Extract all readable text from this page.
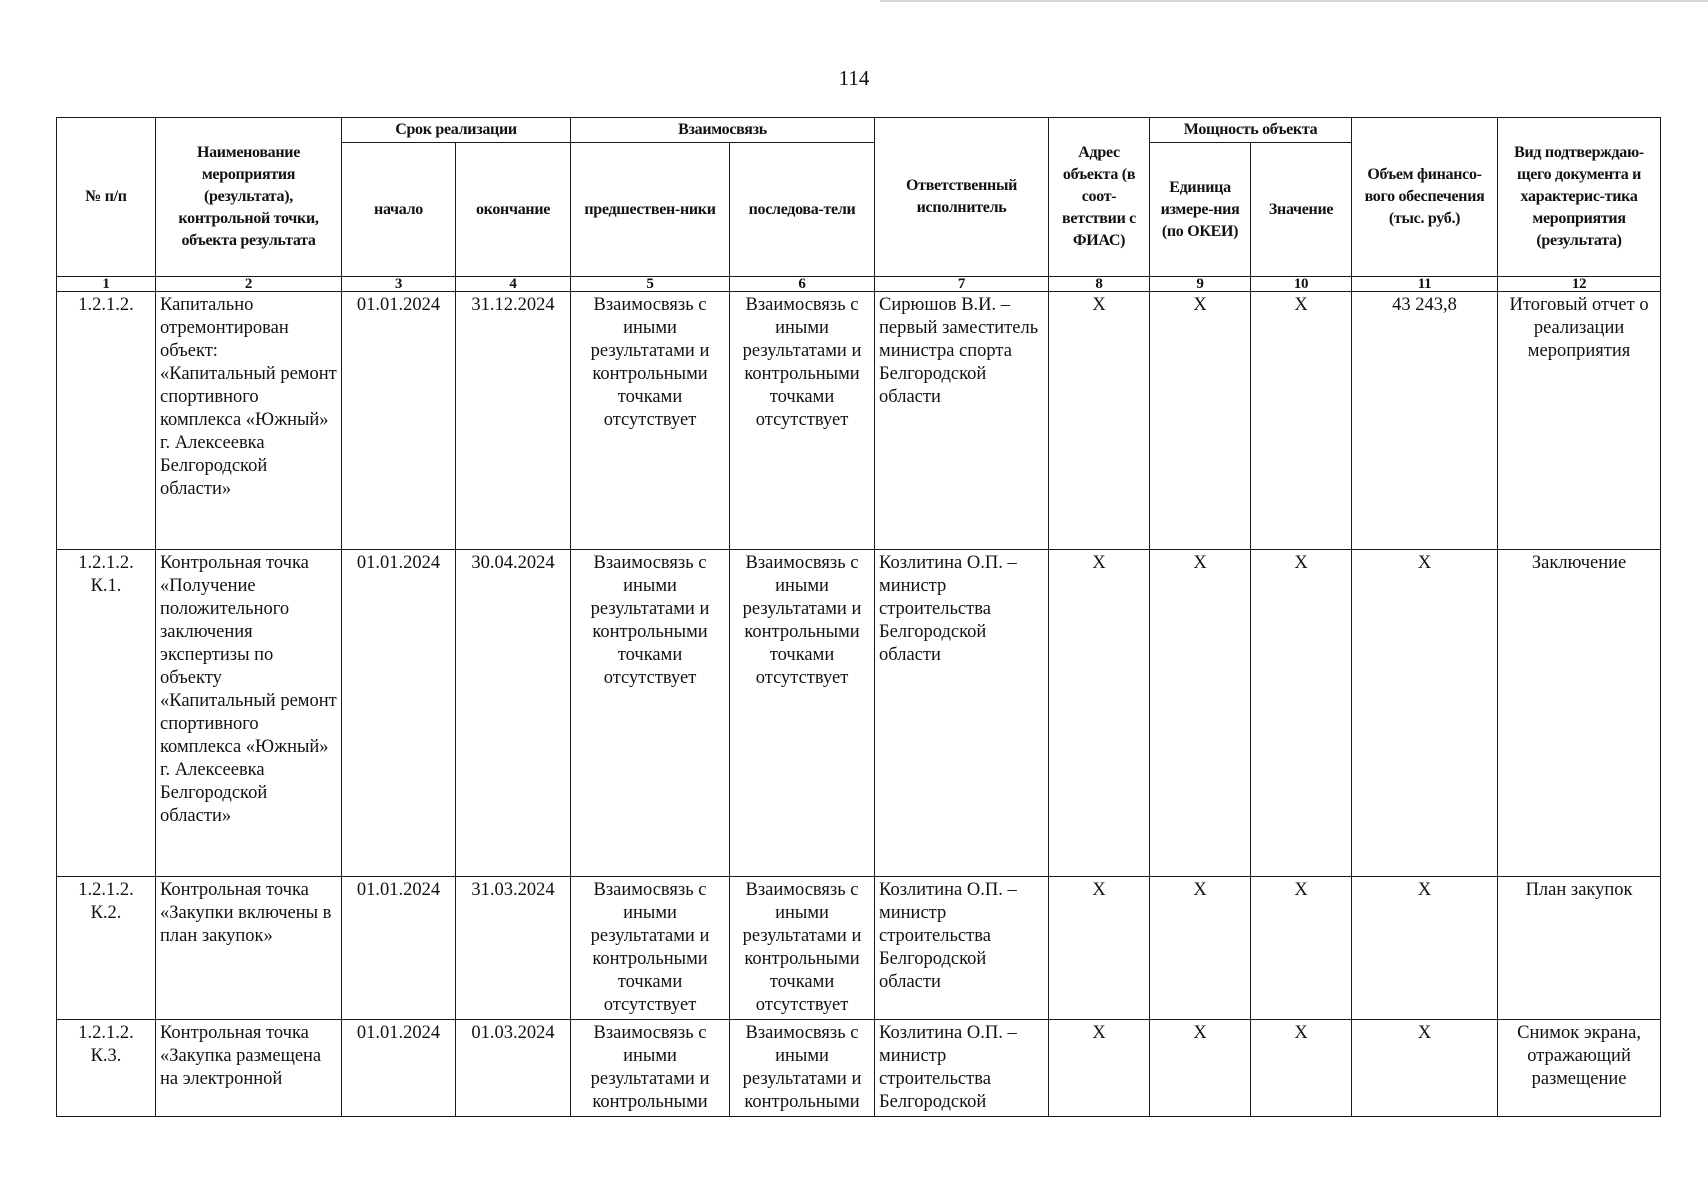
114
№ п/п	Наименование мероприятия (результата), контрольной точки, объекта результата	Срок реализации		Взаимосвязь		Ответственный исполнитель	Адрес объекта (в соот-ветствии с ФИАС)	Мощность объекта		Объем финансо-вого обеспечения (тыс. руб.)	Вид подтверждаю-щего документа и характерис-тика мероприятия (результата)
		начало	окончание	предшествен-ники	последова-тели			Единица измере-ния (по ОКЕИ)	Значение		
1	2	3	4	5	6	7	8	9	10	11	12
1.2.1.2.	Капитально отремонтирован объект: «Капитальный ремонт спортивного комплекса «Южный» г. Алексеевка Белгородской области»	01.01.2024	31.12.2024	Взаимосвязь с иными результатами и контрольными точками отсутствует	Взаимосвязь с иными результатами и контрольными точками отсутствует	Сирюшов В.И. – первый заместитель министра спорта Белгородской области	X	X	X	43 243,8	Итоговый отчет о реализации мероприятия
1.2.1.2. К.1.	Контрольная точка «Получение положительного заключения экспертизы по объекту «Капитальный ремонт спортивного комплекса «Южный» г. Алексеевка Белгородской области»	01.01.2024	30.04.2024	Взаимосвязь с иными результатами и контрольными точками отсутствует	Взаимосвязь с иными результатами и контрольными точками отсутствует	Козлитина О.П. – министр строительства Белгородской области	X	X	X	X	Заключение
1.2.1.2. К.2.	Контрольная точка «Закупки включены в план закупок»	01.01.2024	31.03.2024	Взаимосвязь с иными результатами и контрольными точками отсутствует	Взаимосвязь с иными результатами и контрольными точками отсутствует	Козлитина О.П. – министр строительства Белгородской области	X	X	X	X	План закупок
1.2.1.2. К.3.	Контрольная точка «Закупка размещена на электронной	01.01.2024	01.03.2024	Взаимосвязь с иными результатами и контрольными	Взаимосвязь с иными результатами и контрольными	Козлитина О.П. – министр строительства Белгородской	X	X	X	X	Снимок экрана, отражающий размещение
